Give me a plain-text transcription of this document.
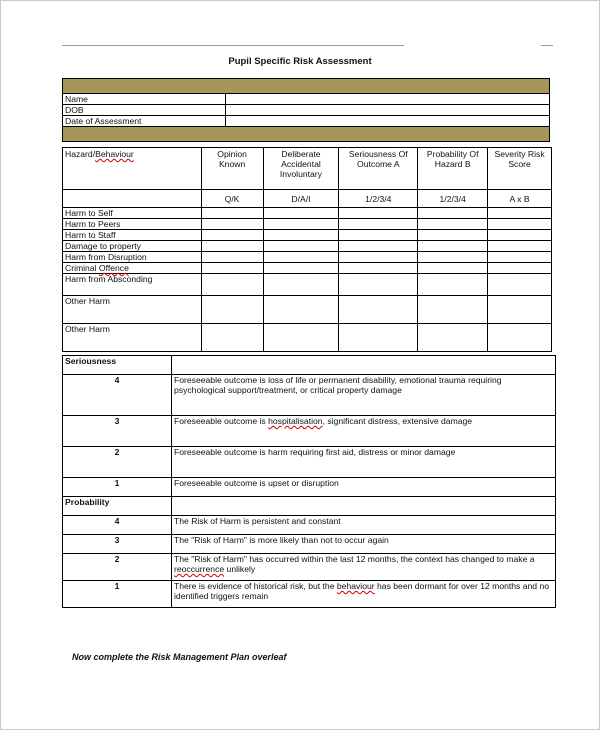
Pupil Specific Risk Assessment

Name	
DOB	
Date of Assessment	

Hazard/Behaviour	Opinion Known	Deliberate Accidental Involuntary	Seriousness Of Outcome A	Probability Of Hazard B	Severity Risk Score
	Q/K	D/A/I	1/2/3/4	1/2/3/4	A x B
Harm to Self					
Harm to Peers					
Harm to Staff					
Damage to property					
Harm from Disruption					
Criminal Offence					
Harm from Absconding					
Other Harm					
Other Harm					
Seriousness	
4	Foreseeable outcome is loss of life or permanent disability, emotional trauma requiring psychological support/treatment, or critical property damage
3	Foreseeable outcome is hospitalisation, significant distress, extensive damage
2	Foreseeable outcome is harm requiring first aid, distress or minor damage
1	Foreseeable outcome is upset or disruption
Probability	
4	The Risk of Harm is persistent and constant
3	The "Risk of Harm" is more likely than not to occur again
2	The "Risk of Harm" has occurred within the last 12 months, the context has changed to make a reoccurrence unlikely
1	There is evidence of historical risk, but the behaviour has been dormant for over 12 months and no identified triggers remain
Now complete the Risk Management Plan overleaf
